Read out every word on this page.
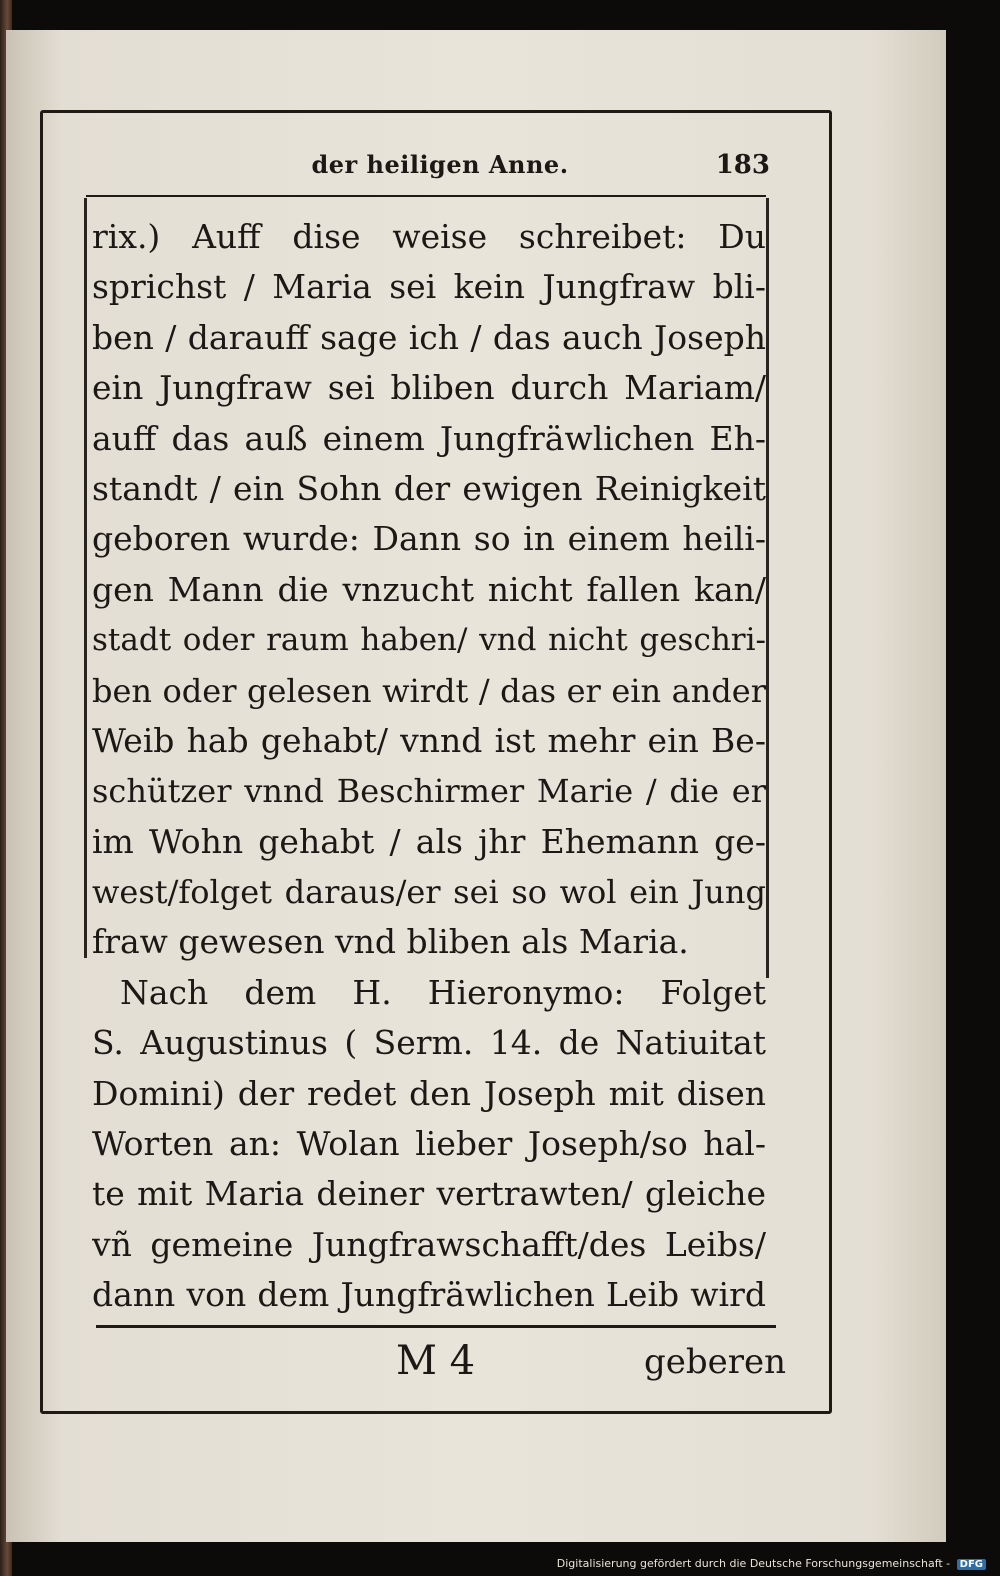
der heiligen Anne.	183
rix.) Auff dise weise schreibet: Du
sprichst / Maria sei kein Jungfraw bli-
ben / darauff sage ich / das auch Joseph
ein Jungfraw sei bliben durch Mariam/
auff das auß einem Jungfräwlichen Eh-
standt / ein Sohn der ewigen Reinigkeit
geboren wurde: Dann so in einem heili-
gen Mann die vnzucht nicht fallen kan/
stadt oder raum haben/ vnd nicht geschri-
ben oder gelesen wirdt / das er ein ander
Weib hab gehabt/ vnnd ist mehr ein Be-
schützer vnnd Beschirmer Marie / die er
im Wohn gehabt / als jhr Ehemann ge-
west/folget daraus/er sei so wol ein Jung
fraw gewesen vnd bliben als Maria.
Nach dem H. Hieronymo: Folget
S. Augustinus ( Serm. 14. de Natiuitat
Domini) der redet den Joseph mit disen
Worten an: Wolan lieber Joseph/so hal-
te mit Maria deiner vertrawten/ gleiche
vñ gemeine Jungfrawschafft/des Leibs/
dann von dem Jungfräwlichen Leib wird
M 4	geberen
Digitalisierung gefördert durch die Deutsche Forschungsgemeinschaft - DFG
